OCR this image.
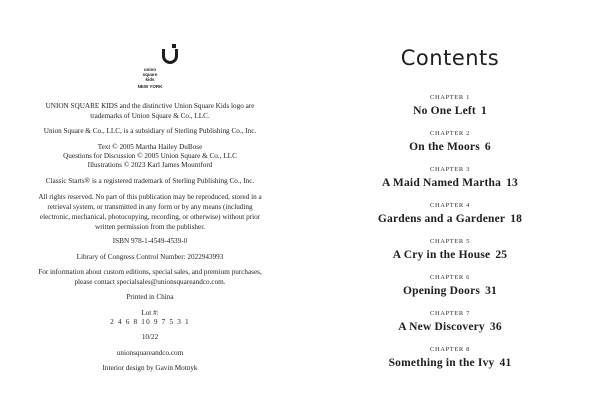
union
square
kids
NEW YORK
UNION SQUARE KIDS and the distinctive Union Square Kids logo are trademarks of Union Square & Co., LLC.
Union Square & Co., LLC, is a subsidiary of Sterling Publishing Co., Inc.
Text © 2005 Martha Hailey DuBose
Questions for Discussion © 2005 Union Square & Co., LLC
Illustrations © 2023 Karl James Mountford
Classic Starts® is a registered trademark of Sterling Publishing Co., Inc.
All rights reserved. No part of this publication may be reproduced, stored in a retrieval system, or transmitted in any form or by any means (including electronic, mechanical, photocopying, recording, or otherwise) without prior written permission from the publisher.
ISBN 978-1-4549-4539-0
Library of Congress Control Number: 2022943993
For information about custom editions, special sales, and premium purchases, please contact specialsales@unionsquareandco.com.
Printed in China
Lot #:
2 4 6 8 10 9 7 5 3 1
10/22
unionsquareandco.com
Interior design by Gavin Motnyk
Contents
CHAPTER 1
No One Left 1
CHAPTER 2
On the Moors 6
CHAPTER 3
A Maid Named Martha 13
CHAPTER 4
Gardens and a Gardener 18
CHAPTER 5
A Cry in the House 25
CHAPTER 6
Opening Doors 31
CHAPTER 7
A New Discovery 36
CHAPTER 8
Something in the Ivy 41
